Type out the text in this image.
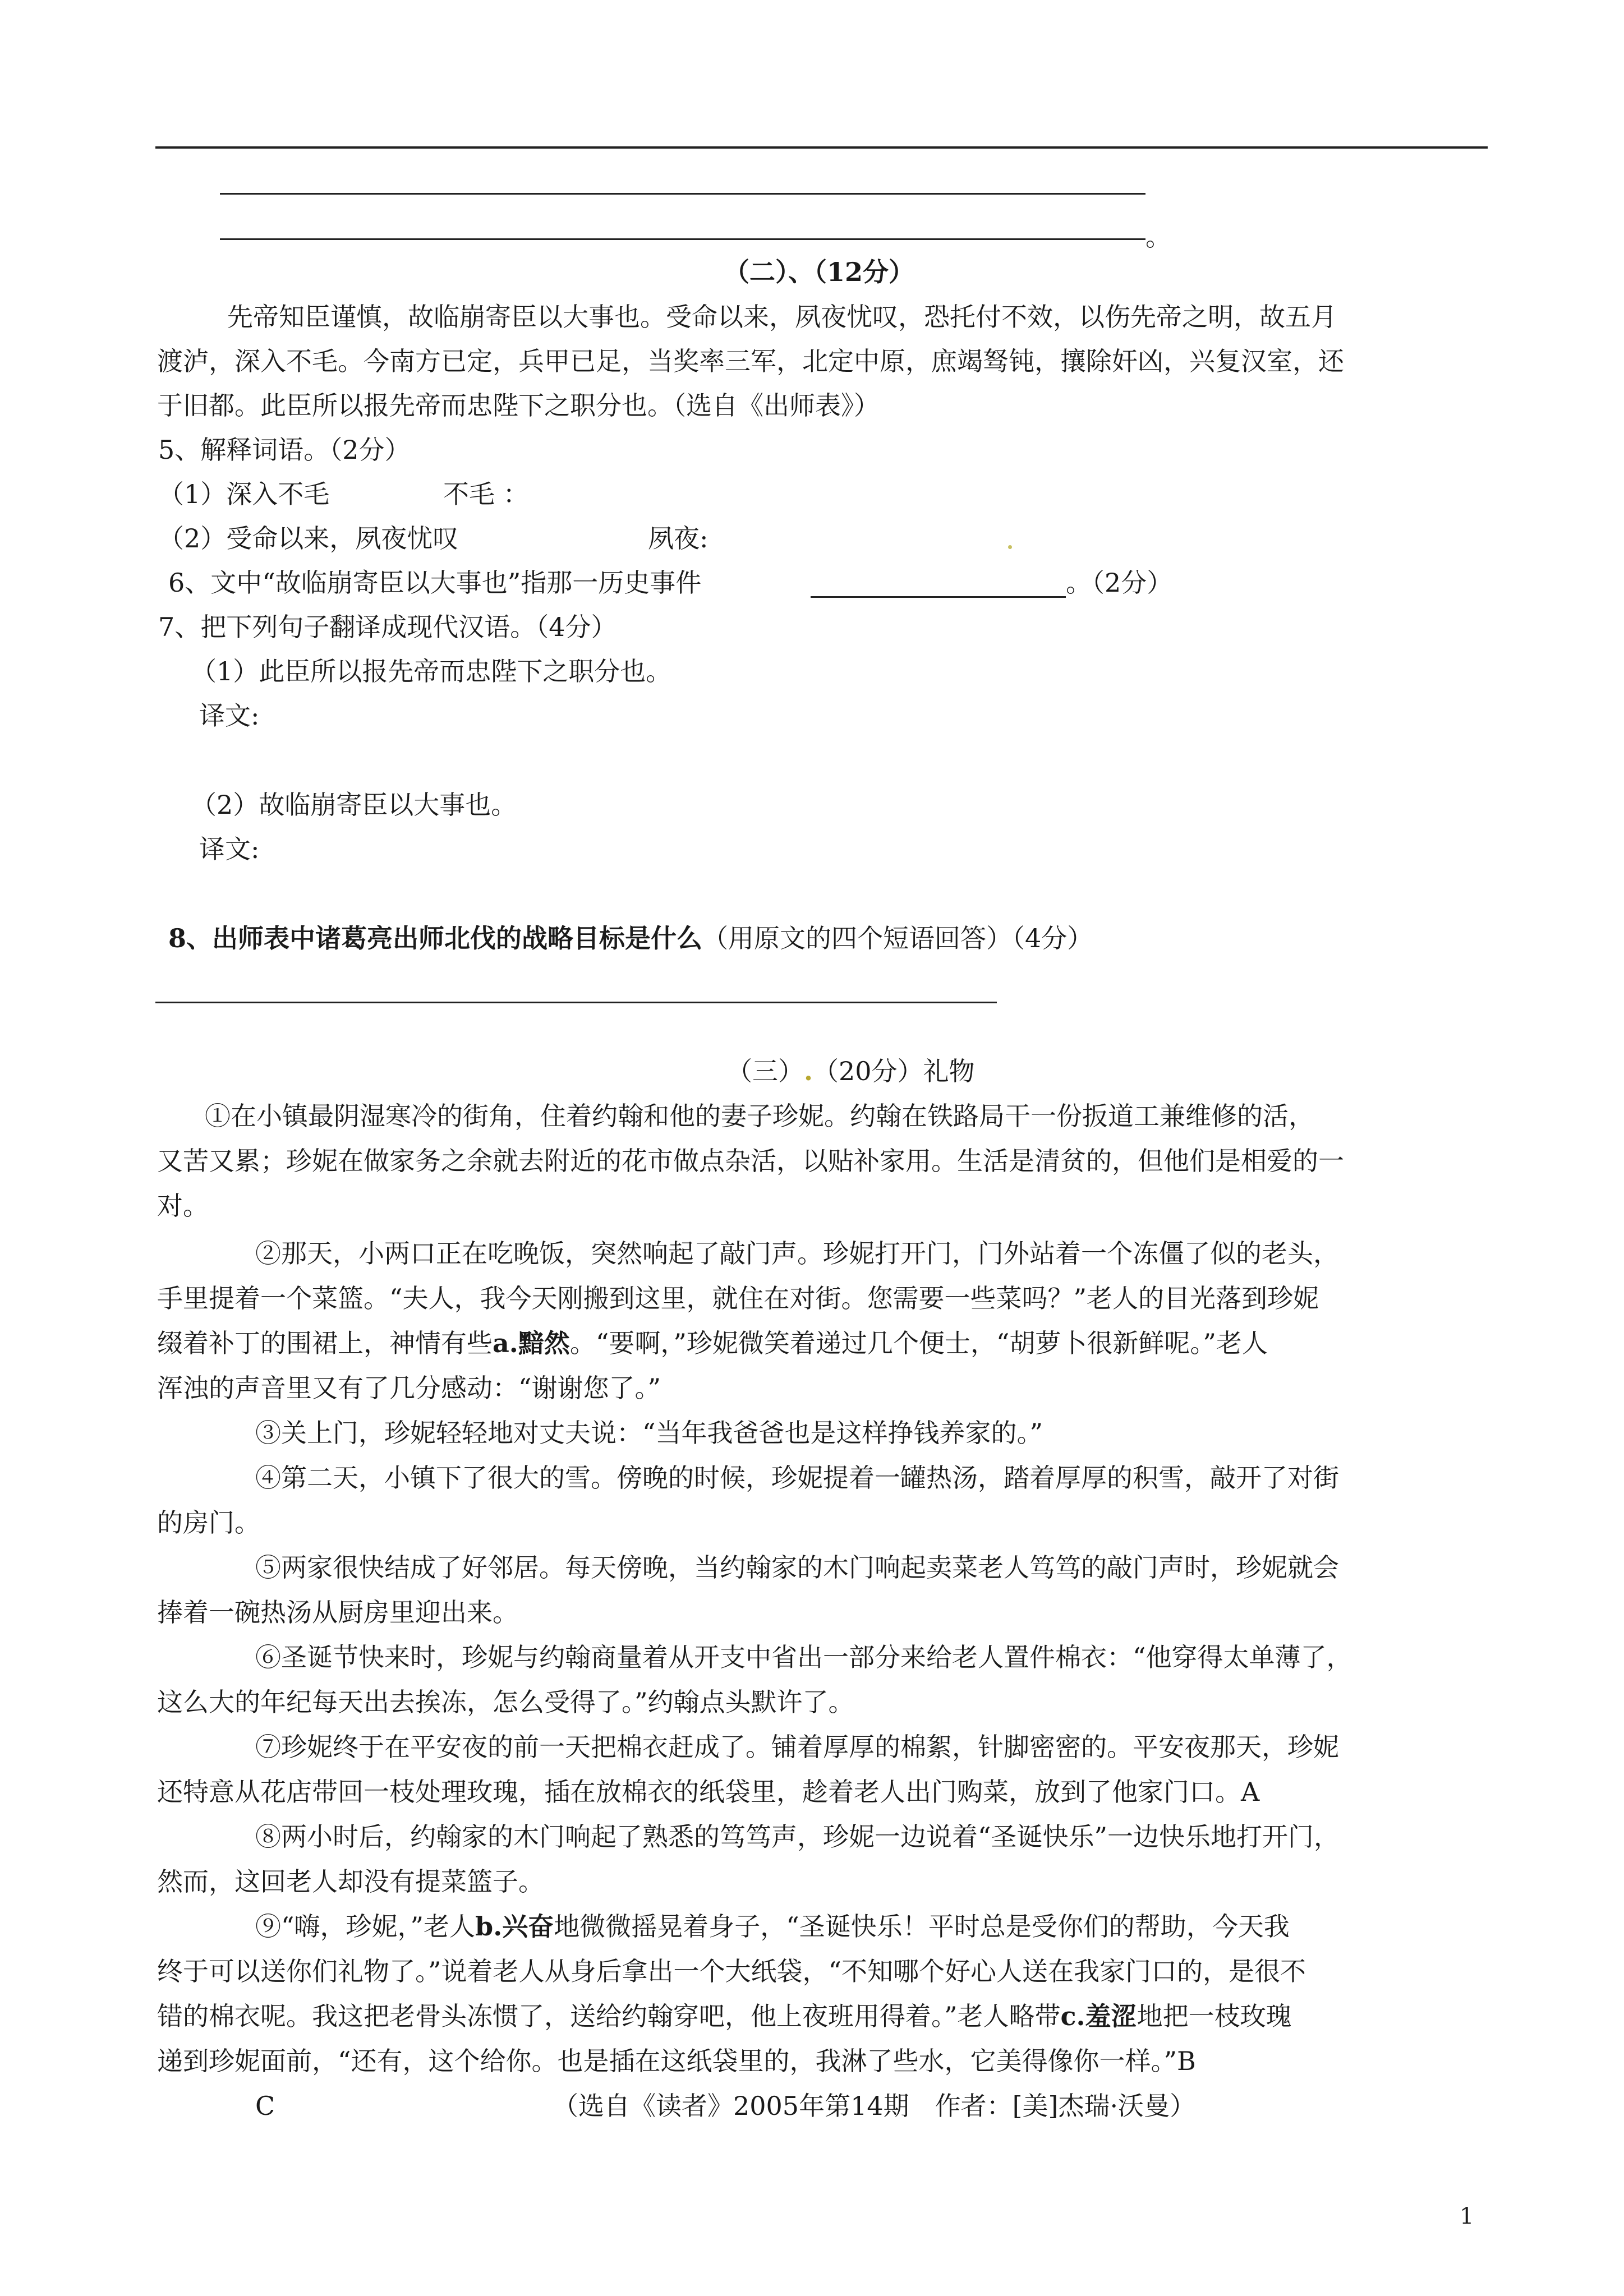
。
（二）、（12分）
先帝知臣谨慎，故临崩寄臣以大事也。受命以来，夙夜忧叹，恐托付不效，以伤先帝之明，故五月
渡泸，深入不毛。今南方已定，兵甲已足，当奖率三军，北定中原，庶竭驽钝，攘除奸凶，兴复汉室，还
于旧都。此臣所以报先帝而忠陛下之职分也。（选自《出师表》）
5、解释词语。（2分）
（1）深入不毛	不毛 ：
（2）受命以来，夙夜忧叹	夙夜:
6、文中“故临崩寄臣以大事也”指那一历史事件	。（2分）
7、把下列句子翻译成现代汉语。（4分）
（1）此臣所以报先帝而忠陛下之职分也。
译文:
（2）故临崩寄臣以大事也。
译文:
8、出师表中诸葛亮出师北伐的战略目标是什么（用原文的四个短语回答）（4分）
（三）.（20分）礼物
①在小镇最阴湿寒冷的街角，住着约翰和他的妻子珍妮。约翰在铁路局干一份扳道工兼维修的活，
又苦又累；珍妮在做家务之余就去附近的花市做点杂活，以贴补家用。生活是清贫的，但他们是相爱的一
对。
②那天，小两口正在吃晚饭，突然响起了敲门声。珍妮打开门，门外站着一个冻僵了似的老头，
手里提着一个菜篮。“夫人，我今天刚搬到这里，就住在对街。您需要一些菜吗？”老人的目光落到珍妮
缀着补丁的围裙上，神情有些a.黯然。“要啊，”珍妮微笑着递过几个便士，“胡萝卜很新鲜呢。”老人
浑浊的声音里又有了几分感动：“谢谢您了。”
③关上门，珍妮轻轻地对丈夫说：“当年我爸爸也是这样挣钱养家的。”
④第二天，小镇下了很大的雪。傍晚的时候，珍妮提着一罐热汤，踏着厚厚的积雪，敲开了对街
的房门。
⑤两家很快结成了好邻居。每天傍晚，当约翰家的木门响起卖菜老人笃笃的敲门声时，珍妮就会
捧着一碗热汤从厨房里迎出来。
⑥圣诞节快来时，珍妮与约翰商量着从开支中省出一部分来给老人置件棉衣：“他穿得太单薄了，
这么大的年纪每天出去挨冻，怎么受得了。”约翰点头默许了。
⑦珍妮终于在平安夜的前一天把棉衣赶成了。铺着厚厚的棉絮，针脚密密的。平安夜那天，珍妮
还特意从花店带回一枝处理玫瑰，插在放棉衣的纸袋里，趁着老人出门购菜，放到了他家门口。A
⑧两小时后，约翰家的木门响起了熟悉的笃笃声，珍妮一边说着“圣诞快乐”一边快乐地打开门，
然而，这回老人却没有提菜篮子。
⑨“嗨，珍妮，”老人b.兴奋地微微摇晃着身子，“圣诞快乐！平时总是受你们的帮助，今天我
终于可以送你们礼物了。”说着老人从身后拿出一个大纸袋，“不知哪个好心人送在我家门口的，是很不
错的棉衣呢。我这把老骨头冻惯了，送给约翰穿吧，他上夜班用得着。”老人略带c.羞涩地把一枝玫瑰
递到珍妮面前，“还有，这个给你。也是插在这纸袋里的，我淋了些水，它美得像你一样。”B
C	（选自《读者》2005年第14期　作者：[美]杰瑞·沃曼）
1
